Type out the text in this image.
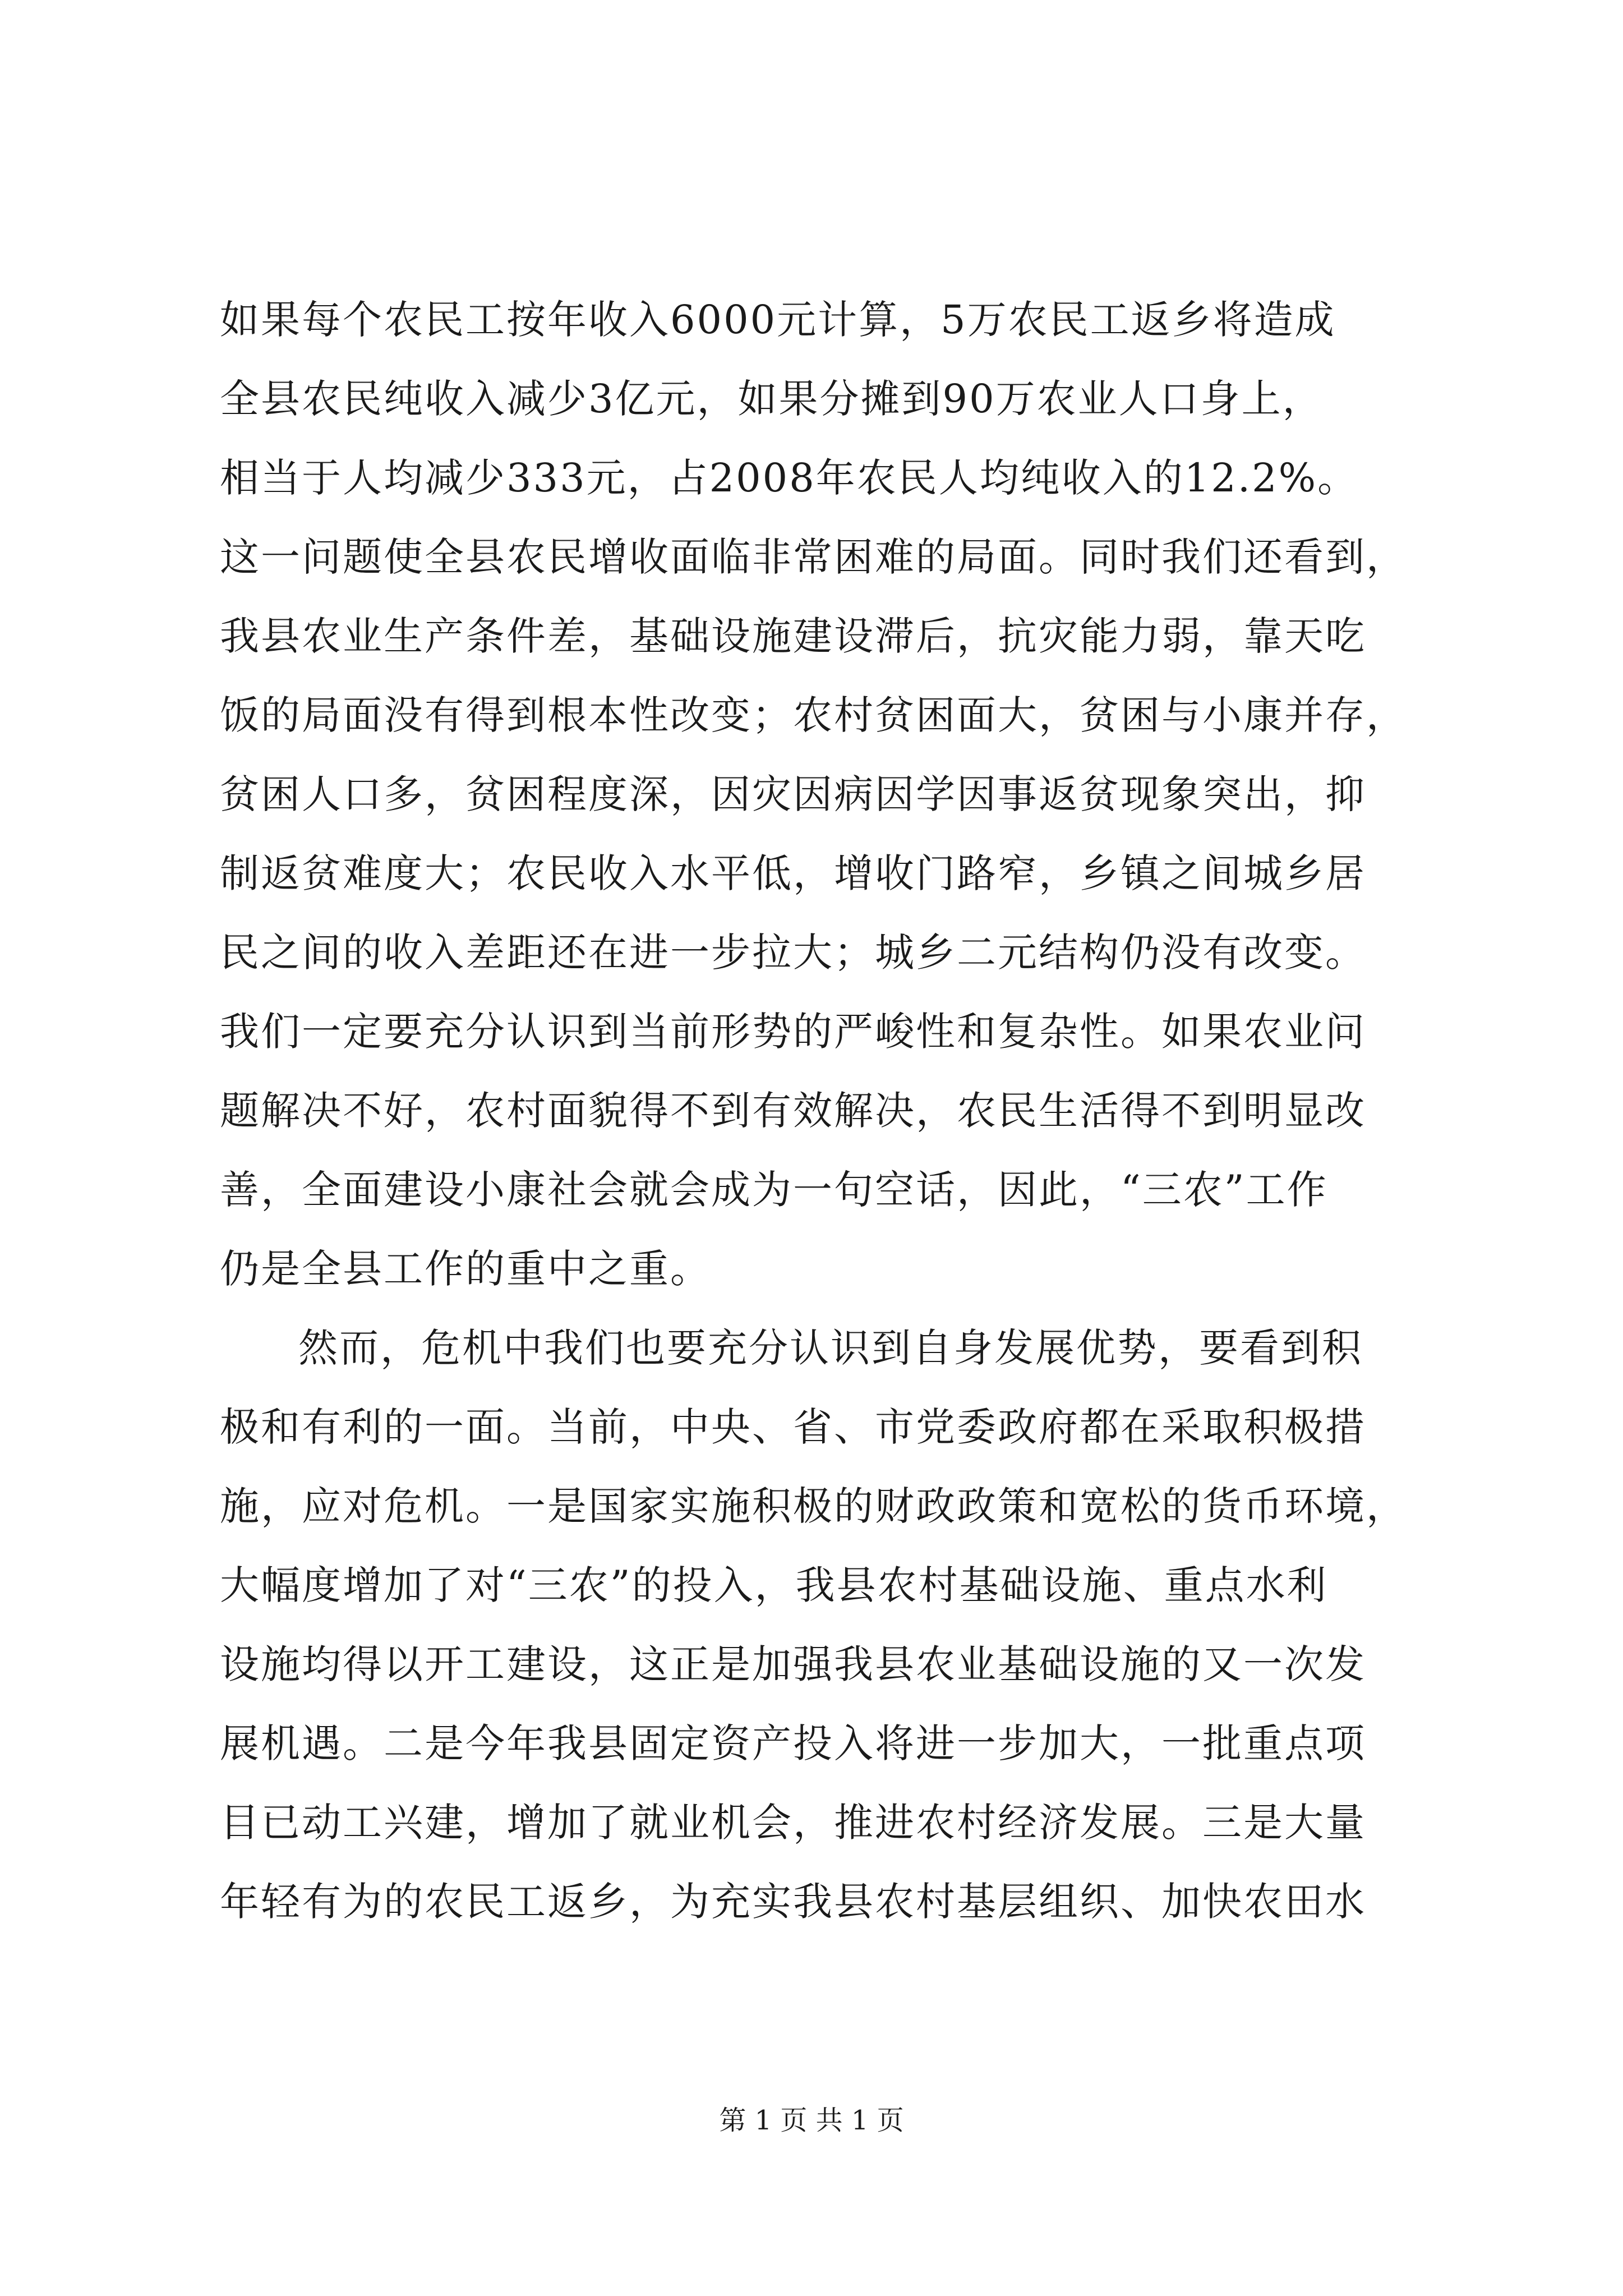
如果每个农民工按年收入6000元计算，5万农民工返乡将造成
全县农民纯收入减少3亿元，如果分摊到90万农业人口身上，
相当于人均减少333元，占2008年农民人均纯收入的12.2%。
这一问题使全县农民增收面临非常困难的局面。同时我们还看到，
我县农业生产条件差，基础设施建设滞后，抗灾能力弱，靠天吃
饭的局面没有得到根本性改变；农村贫困面大，贫困与小康并存，
贫困人口多，贫困程度深，因灾因病因学因事返贫现象突出，抑
制返贫难度大；农民收入水平低，增收门路窄，乡镇之间城乡居
民之间的收入差距还在进一步拉大；城乡二元结构仍没有改变。
我们一定要充分认识到当前形势的严峻性和复杂性。如果农业问
题解决不好，农村面貌得不到有效解决，农民生活得不到明显改
善，全面建设小康社会就会成为一句空话，因此，“三农”工作
仍是全县工作的重中之重。
然而，危机中我们也要充分认识到自身发展优势，要看到积
极和有利的一面。当前，中央、省、市党委政府都在采取积极措
施，应对危机。一是国家实施积极的财政政策和宽松的货币环境，
大幅度增加了对“三农”的投入，我县农村基础设施、重点水利
设施均得以开工建设，这正是加强我县农业基础设施的又一次发
展机遇。二是今年我县固定资产投入将进一步加大，一批重点项
目已动工兴建，增加了就业机会，推进农村经济发展。三是大量
年轻有为的农民工返乡，为充实我县农村基层组织、加快农田水
第 1 页 共 1 页
